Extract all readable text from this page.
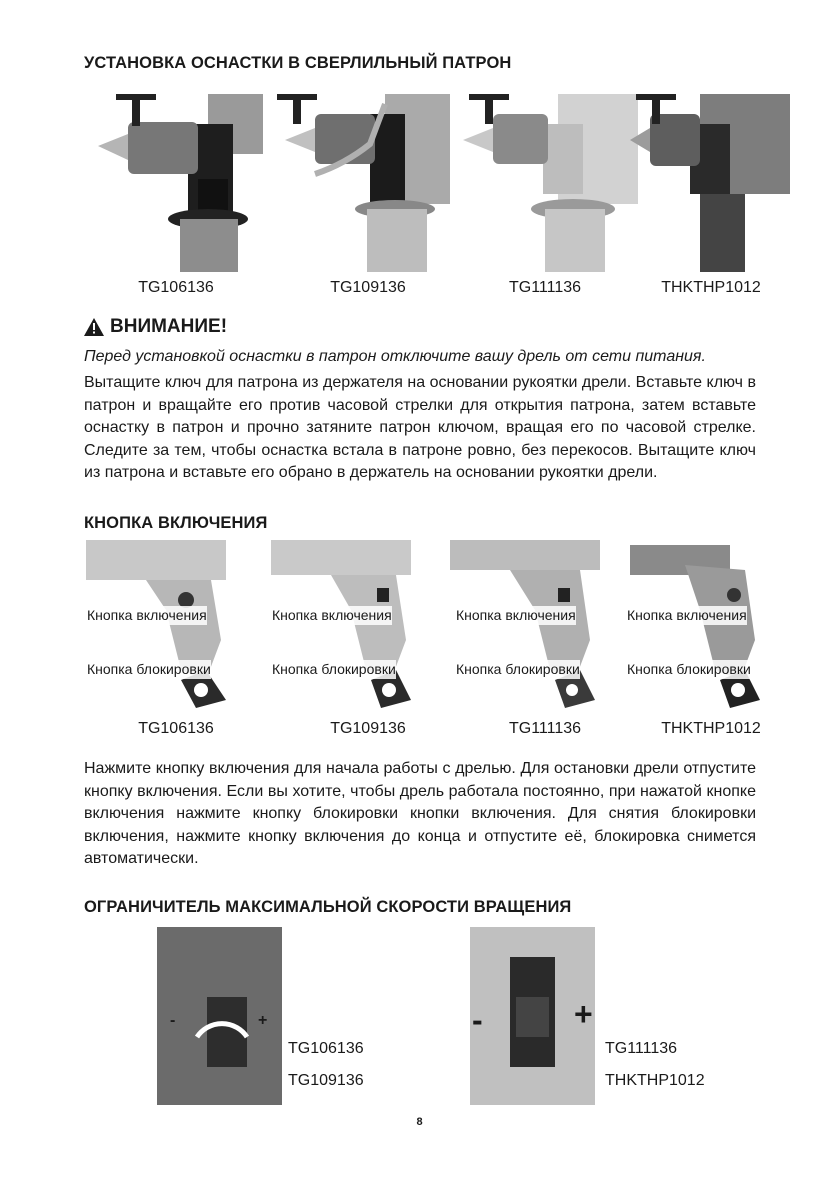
УСТАНОВКА ОСНАСТКИ В СВЕРЛИЛЬНЫЙ ПАТРОН
TG106136	TG109136	TG111136	THKTHP1012
ВНИМАНИЕ!

Перед установкой оснастки в патрон отключите вашу дрель от сети питания.

Вытащите ключ для патрона из держателя на основании рукоятки дрели. Вставьте ключ в патрон и вращайте его против часовой стрелки для открытия патрона, затем вставьте оснастку в патрон и прочно затяните патрон ключом, вращая его по часовой стрелке. Следите за тем, чтобы оснастка встала в патроне ровно, без перекосов. Вытащите ключ из патрона и вставьте его обрано в держатель на основании рукоятки дрели.

КНОПКА ВКЛЮЧЕНИЯ
Кнопка включения
Кнопка блокировки
Кнопка включения
Кнопка блокировки
Кнопка включения
Кнопка блокировки
Кнопка включения
Кнопка блокировки
TG106136	TG109136	TG111136	THKTHP1012

Нажмите кнопку включения для начала работы с дрелью. Для остановки дрели отпустите кнопку включения. Если вы хотите, чтобы дрель работала постоянно, при нажатой кнопке включения нажмите кнопку блокировки кнопки включения. Для снятия блокировки включения, нажмите кнопку включения до конца и отпустите её, блокировка снимется автоматически.

ОГРАНИЧИТЕЛЬ МАКСИМАЛЬНОЙ СКОРОСТИ ВРАЩЕНИЯ
-	+	-	+
TG106136
TG109136
TG111136
THKTHP1012
8
